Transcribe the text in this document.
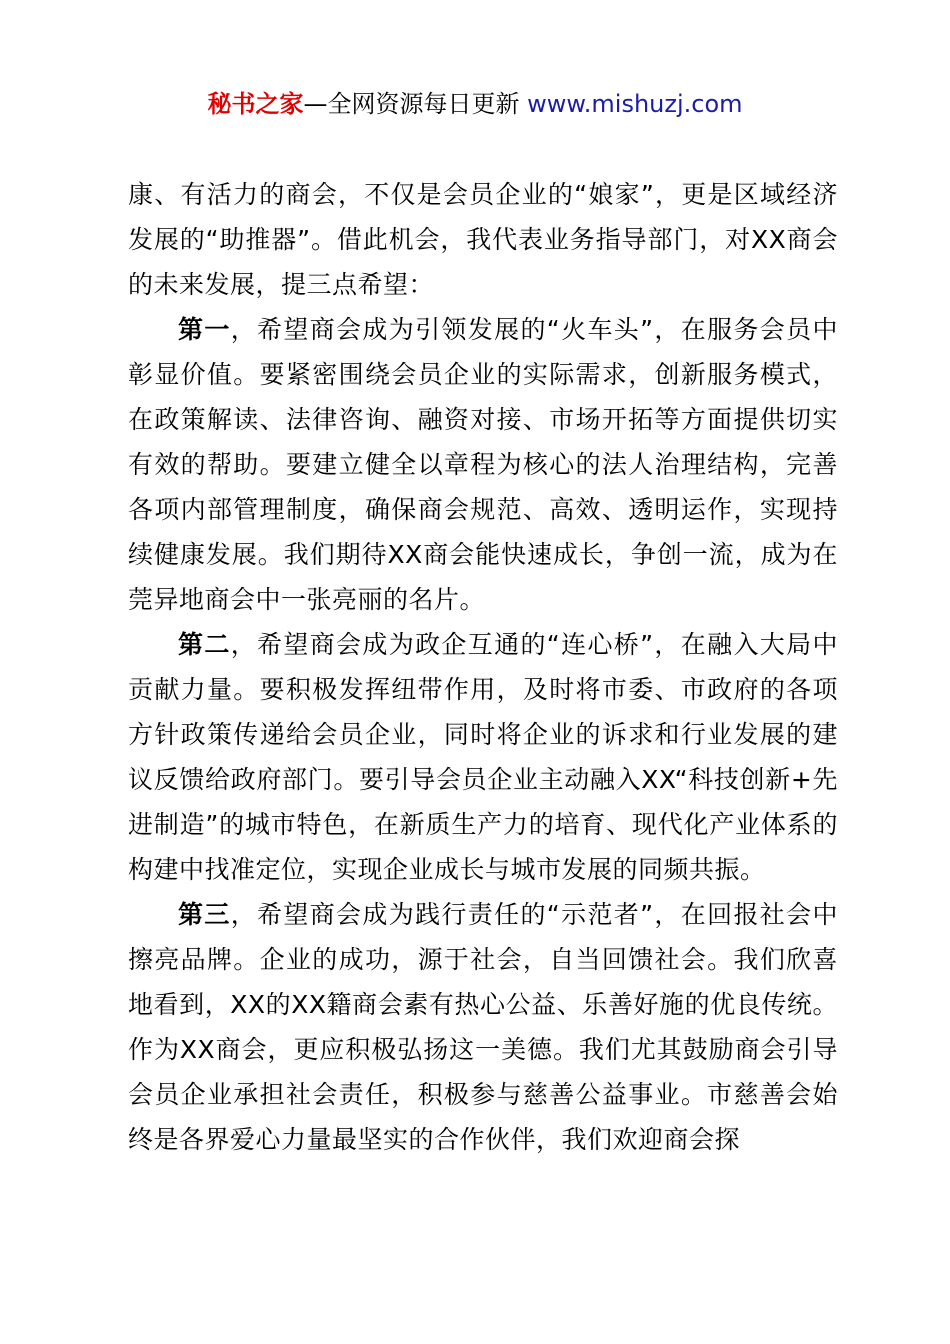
秘书之家—全网资源每日更新 www.mishuzj.com

康、有活力的商会，不仅是会员企业的“娘家”，更是区域经济发展的“助推器”。借此机会，我代表业务指导部门，对XX商会的未来发展，提三点希望：

第一，希望商会成为引领发展的“火车头”，在服务会员中彰显价值。要紧密围绕会员企业的实际需求，创新服务模式，在政策解读、法律咨询、融资对接、市场开拓等方面提供切实有效的帮助。要建立健全以章程为核心的法人治理结构，完善各项内部管理制度，确保商会规范、高效、透明运作，实现持续健康发展。我们期待XX商会能快速成长，争创一流，成为在莞异地商会中一张亮丽的名片。

第二，希望商会成为政企互通的“连心桥”，在融入大局中贡献力量。要积极发挥纽带作用，及时将市委、市政府的各项方针政策传递给会员企业，同时将企业的诉求和行业发展的建议反馈给政府部门。要引导会员企业主动融入XX“科技创新+先进制造”的城市特色，在新质生产力的培育、现代化产业体系的构建中找准定位，实现企业成长与城市发展的同频共振。

第三，希望商会成为践行责任的“示范者”，在回报社会中擦亮品牌。企业的成功，源于社会，自当回馈社会。我们欣喜地看到，XX的XX籍商会素有热心公益、乐善好施的优良传统。作为XX商会，更应积极弘扬这一美德。我们尤其鼓励商会引导会员企业承担社会责任，积极参与慈善公益事业。市慈善会始终是各界爱心力量最坚实的合作伙伴，我们欢迎商会探
